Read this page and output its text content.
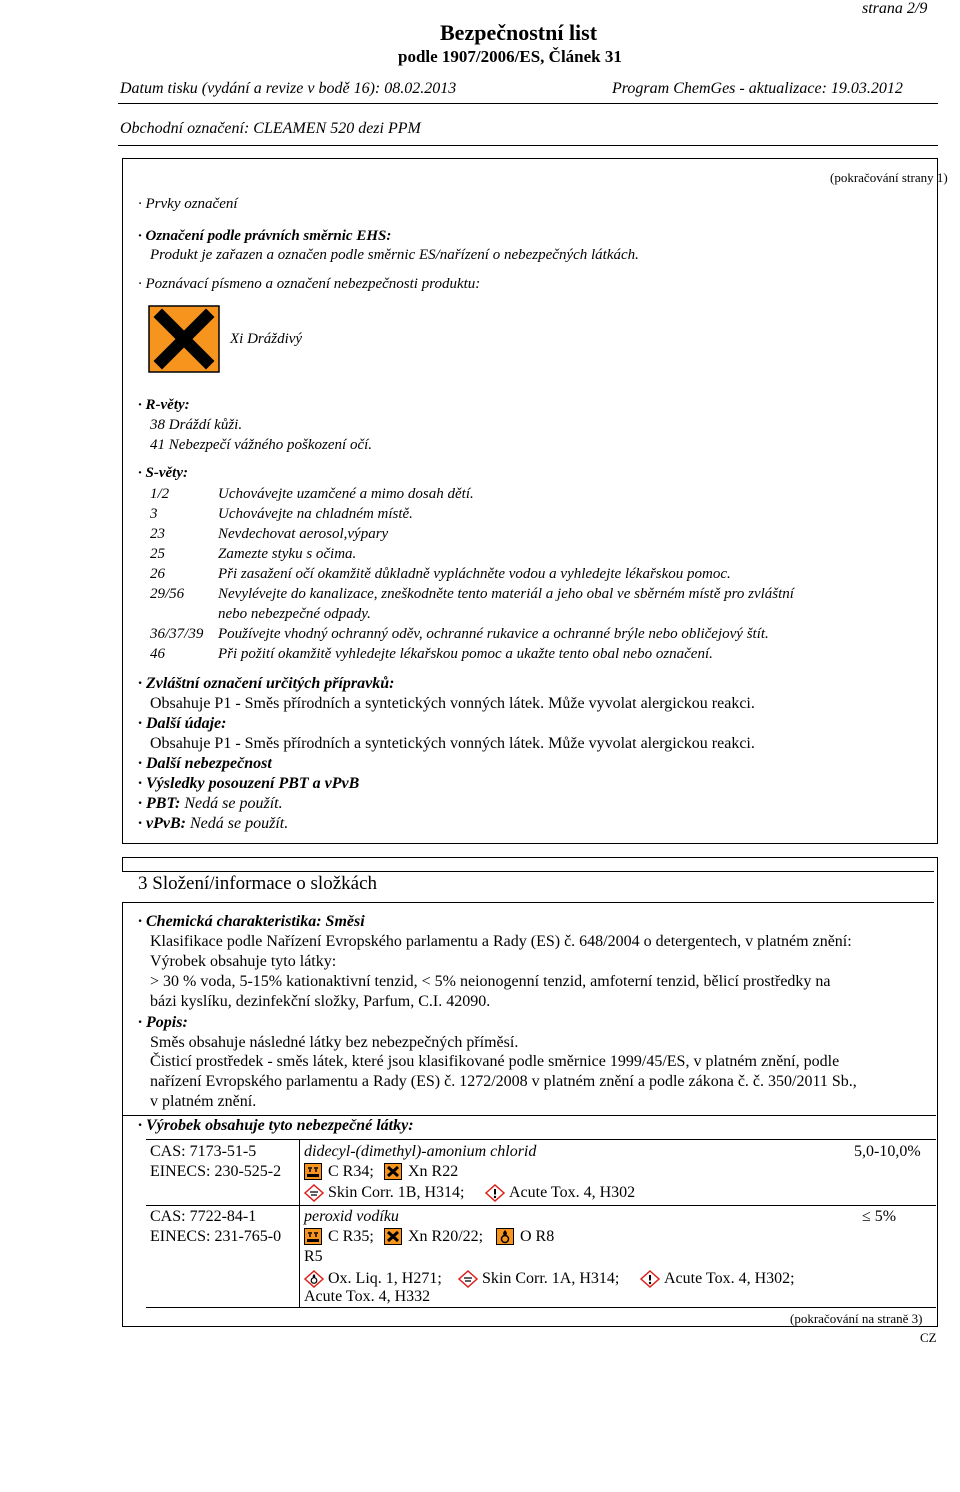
strana 2/9
Bezpečnostní list
podle 1907/2006/ES, Článek 31
Datum tisku (vydání a revize v bodě 16): 08.02.2013	Program ChemGes - aktualizace: 19.03.2012
Obchodní označení: CLEAMEN 520 dezi PPM
(pokračování strany 1)
· Prvky označení
· Označení podle právních směrnic EHS:
Produkt je zařazen a označen podle směrnic ES/nařízení o nebezpečných látkách.
· Poznávací písmeno a označení nebezpečnosti produktu:
Xi Dráždivý
· R-věty:
38 Dráždí kůži.
41 Nebezpečí vážného poškození očí.
· S-věty:
1/2	Uchovávejte uzamčené a mimo dosah dětí.
3	Uchovávejte na chladném místě.
23	Nevdechovat aerosol,výpary
25	Zamezte styku s očima.
26	Při zasažení očí okamžitě důkladně vypláchněte vodou a vyhledejte lékařskou pomoc.
29/56 Nevylévejte do kanalizace, zneškodněte tento materiál a jeho obal ve sběrném místě pro zvláštní
nebo nebezpečné odpady.
36/37/39 Používejte vhodný ochranný oděv, ochranné rukavice a ochranné brýle nebo obličejový štít.
46	Při požití okamžitě vyhledejte lékařskou pomoc a ukažte tento obal nebo označení.
· Zvláštní označení určitých přípravků:
Obsahuje P1 - Směs přírodních a syntetických vonných látek. Může vyvolat alergickou reakci.
· Další údaje:
Obsahuje P1 - Směs přírodních a syntetických vonných látek. Může vyvolat alergickou reakci.
· Další nebezpečnost
· Výsledky posouzení PBT a vPvB
· PBT: Nedá se použít.
· vPvB: Nedá se použít.
3 Složení/informace o složkách
· Chemická charakteristika: Směsi
Klasifikace podle Nařízení Evropského parlamentu a Rady (ES) č. 648/2004 o detergentech, v platném znění:
Výrobek obsahuje tyto látky:
> 30 % voda, 5-15% kationaktivní tenzid, < 5% neionogenní tenzid, amfoterní tenzid, bělicí prostředky na
bázi kyslíku, dezinfekční složky, Parfum, C.I. 42090.
· Popis:
Směs obsahuje následné látky bez nebezpečných příměsí.
Čisticí prostředek - směs látek, které jsou klasifikované podle směrnice 1999/45/ES, v platném znění, podle
nařízení Evropského parlamentu a Rady (ES) č. 1272/2008 v platném znění a podle zákona č. č. 350/2011 Sb.,
v platném znění.
· Výrobek obsahuje tyto nebezpečné látky:
CAS: 7173-51-5
EINECS: 230-525-2
didecyl-(dimethyl)-amonium chlorid	5,0-10,0%
C R34; Xn R22
Skin Corr. 1B, H314;	Acute Tox. 4, H302
CAS: 7722-84-1
EINECS: 231-765-0
peroxid vodíku	≤ 5%
C R35; Xn R20/22; O R8
R5
Ox. Liq. 1, H271;	Skin Corr. 1A, H314;	Acute Tox. 4, H302;
Acute Tox. 4, H332
(pokračování na straně 3)
CZ
